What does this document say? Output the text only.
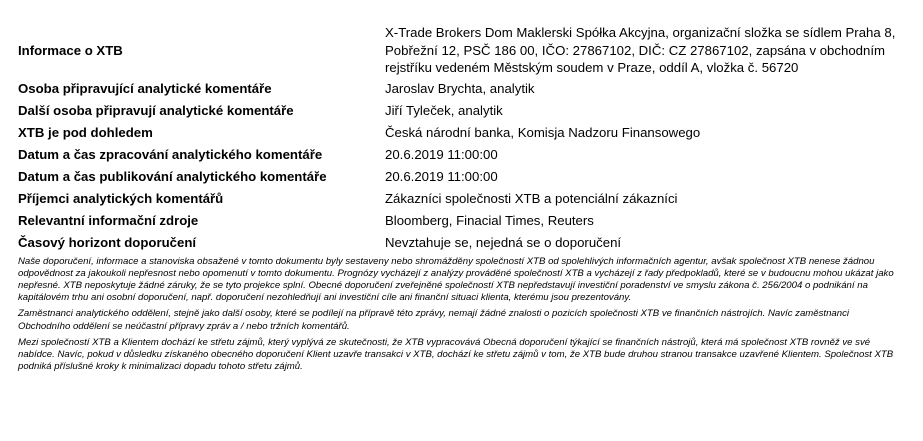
Informace o XTB	X-Trade Brokers Dom Maklerski Spółka Akcyjna, organizační složka se sídlem Praha 8, Pobřežní 12, PSČ 186 00, IČO: 27867102, DIČ: CZ 27867102, zapsána v obchodním rejstříku vedeném Městským soudem v Praze, oddíl A, vložka č. 56720
Osoba připravující analytické komentáře	Jaroslav Brychta, analytik
Další osoba připravují analytické komentáře	Jiří Tyleček, analytik
XTB je pod dohledem	Česká národní banka, Komisja Nadzoru Finansowego
Datum a čas zpracování analytického komentáře	20.6.2019 11:00:00
Datum a čas publikování analytického komentáře	20.6.2019 11:00:00
Příjemci analytických komentářů	Zákazníci společnosti XTB a potenciální zákazníci
Relevantní informační zdroje	Bloomberg, Finacial Times, Reuters
Časový horizont doporučení	Nevztahuje se, nejedná se o doporučení

Naše doporučení, informace a stanoviska obsažené v tomto dokumentu byly sestaveny nebo shromážděny společností XTB od spolehlivých informačních agentur, avšak společnost XTB nenese žádnou odpovědnost za jakoukoli nepřesnost nebo opomenutí v tomto dokumentu. Prognózy vycházejí z analýzy prováděné společností XTB a vycházejí z řady předpokladů, které se v budoucnu mohou ukázat jako nepřesné. XTB neposkytuje žádné záruky, že se tyto projekce splní. Obecné doporučení zveřejněné společností XTB nepředstavují investiční poradenství ve smyslu zákona č. 256/2004 o podnikání na kapitálovém trhu ani osobní doporučení, např. doporučení nezohledňují ani investiční cíle ani finanční situaci klienta, kterému jsou prezentovány.

Zaměstnanci analytického oddělení, stejně jako další osoby, které se podílejí na přípravě této zprávy, nemají žádné znalosti o pozicích společnosti XTB ve finančních nástrojích. Navíc zaměstnanci Obchodního oddělení se neúčastní přípravy zpráv a / nebo tržních komentářů.

Mezi společností XTB a Klientem dochází ke střetu zájmů, který vyplývá ze skutečnosti, že XTB vypracovává Obecná doporučení týkající se finančních nástrojů, která má společnost XTB rovněž ve své nabídce. Navíc, pokud v důsledku získaného obecného doporučení Klient uzavře transakci v XTB, dochází ke střetu zájmů v tom, že XTB bude druhou stranou transakce uzavřené Klientem. Společnost XTB podniká příslušné kroky k minimalizaci dopadu tohoto střetu zájmů.
